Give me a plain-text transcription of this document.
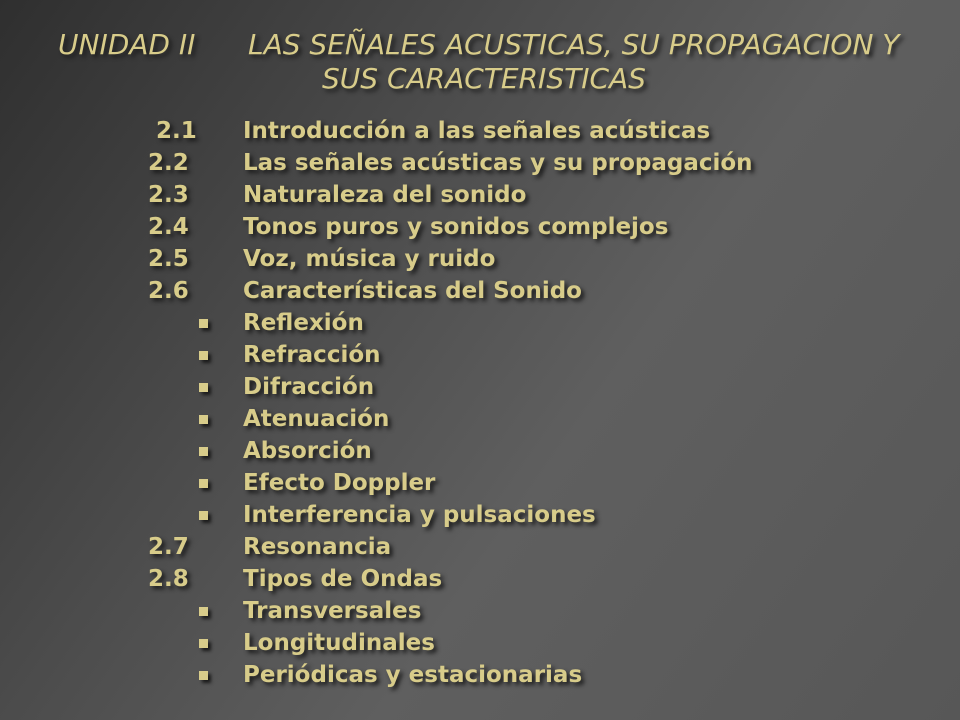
UNIDAD II LAS SEÑALES ACUSTICAS, SU PROPAGACION Y
SUS CARACTERISTICAS
2.1 Introducción a las señales acústicas
2.2 Las señales acústicas y su propagación
2.3 Naturaleza del sonido
2.4 Tonos puros y sonidos complejos
2.5 Voz, música y ruido
2.6 Características del Sonido
Reflexión
Refracción
Difracción
Atenuación
Absorción
Efecto Doppler
Interferencia y pulsaciones
2.7 Resonancia
2.8 Tipos de Ondas
Transversales
Longitudinales
Periódicas y estacionarias
